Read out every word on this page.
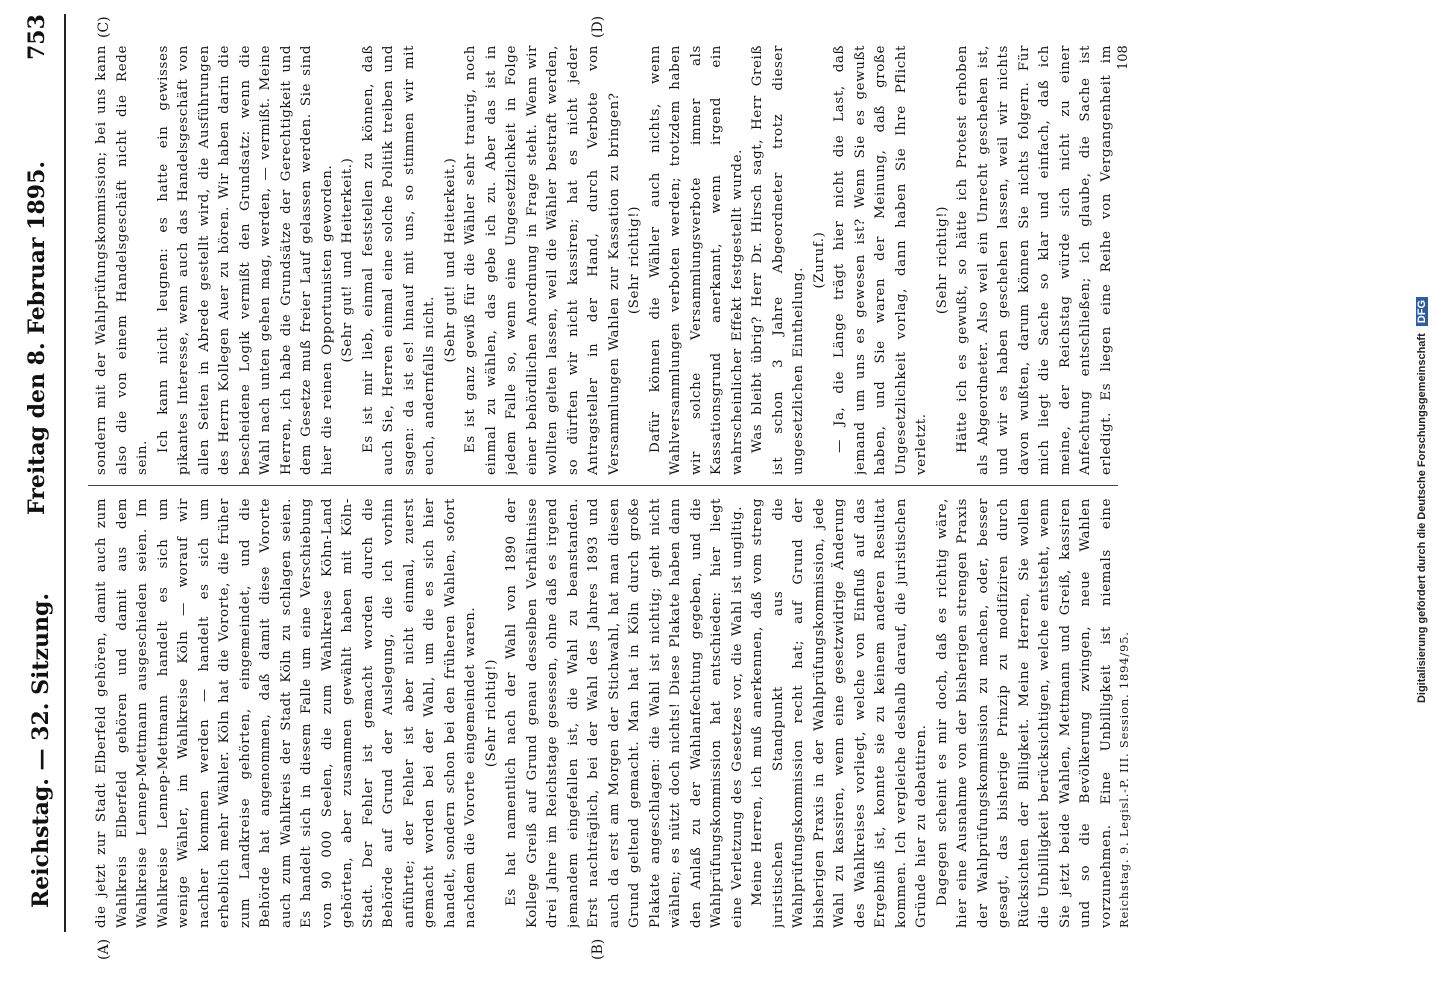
Reichstag. — 32. Sitzung.
Freitag den 8. Februar 1895.
753
(A)	(B)
(C)	(D)

die jetzt zur Stadt Elberfeld gehören, damit auch zum Wahlkreis Elberfeld gehören und damit aus dem Wahlkreise Lennep-Mettmann ausgeschieden seien. Im Wahlkreise Lennep-Mettmann handelt es sich um wenige Wähler, im Wahlkreise Köln — worauf wir nachher kommen werden — handelt es sich um erheblich mehr Wähler. Köln hat die Vororte, die früher zum Landkreise gehörten, eingemeindet, und die Behörde hat angenommen, daß damit diese Vororte auch zum Wahlkreis der Stadt Köln zu schlagen seien. Es handelt sich in diesem Falle um eine Verschiebung von 90 000 Seelen, die zum Wahlkreise Köhn-Land gehörten, aber zusammen gewählt haben mit Köln-Stadt. Der Fehler ist gemacht worden durch die Behörde auf Grund der Auslegung, die ich vorhin anführte; der Fehler ist aber nicht einmal, zuerst gemacht worden bei der Wahl, um die es sich hier handelt, sondern schon bei den früheren Wahlen, sofort nachdem die Vororte eingemeindet waren. (Sehr richtig!) Es hat namentlich nach der Wahl von 1890 der Kollege Greiß auf Grund genau desselben Verhältnisse drei Jahre im Reichstage gesessen, ohne daß es irgend jemandem eingefallen ist, die Wahl zu beanstanden. Erst nachträglich, bei der Wahl des Jahres 1893 und auch da erst am Morgen der Stichwahl, hat man diesen Grund geltend gemacht. Man hat in Köln durch große Plakate angeschlagen: die Wahl ist nichtig; geht nicht wählen; es nützt doch nichts! Diese Plakate haben dann den Anlaß zu der Wahlanfechtung gegeben, und die Wahlprüfungskommission hat entschieden: hier liegt eine Verletzung des Gesetzes vor, die Wahl ist ungiltig. Meine Herren, ich muß anerkennen, daß vom streng juristischen Standpunkt aus die Wahlprüfungskommission recht hat; auf Grund der bisherigen Praxis in der Wahlprüfungskommission, jede Wahl zu kassiren, wenn eine gesetzwidrige Änderung des Wahlkreises vorliegt, welche von Einfluß auf das Ergebniß ist, konnte sie zu keinem anderen Resultat kommen. Ich vergleiche deshalb darauf, die juristischen Gründe hier zu debattiren. Dagegen scheint es mir doch, daß es richtig wäre, hier eine Ausnahme von der bisherigen strengen Praxis der Wahlprüfungskommission zu machen, oder, besser gesagt, das bisherige Prinzip zu modifiziren durch Rücksichten der Billigkeit. Meine Herren, Sie wollen die Unbilligkeit berücksichtigen, welche entsteht, wenn Sie jetzt beide Wahlen, Mettmann und Greiß, kassiren und so die Bevölkerung zwingen, neue Wahlen vorzunehmen. Eine Unbilligkeit ist niemals eine

sondern mit der Wahlprüfungskommission; bei uns kann also die von einem Handelsgeschäft nicht die Rede sein.

Ich kann nicht leugnen: es hatte ein gewisses pikantes Interesse, wenn auch das Handelsgeschäft von allen Seiten in Abrede gestellt wird, die Ausführungen des Herrn Kollegen Auer zu hören. Wir haben darin die bescheidene Logik vermißt den Grundsatz: wenn die Wahl nach unten gehen mag, werden, — vermißt. Meine Herren, ich habe die Grundsätze der Gerechtigkeit und dem Gesetze muß freier Lauf gelassen werden. Sie sind hier die reinen Opportunisten geworden. (Sehr gut! und Heiterkeit.) Es ist mir lieb, einmal feststellen zu können, daß auch Sie, Herren einmal eine solche Politik treiben und sagen: da ist es! hinauf mit uns, so stimmen wir mit euch, andernfalls nicht.

(Sehr gut! und Heiterkeit.) Es ist ganz gewiß für die Wähler sehr traurig, noch einmal zu wählen, das gebe ich zu. Aber das ist in jedem Falle so, wenn eine Ungesetzlichkeit in Folge einer behördlichen Anordnung in Frage steht. Wenn wir wollten gelten lassen, weil die Wähler bestraft werden, so dürften wir nicht kassiren; hat es nicht jeder Antragsteller in der Hand, durch Verbote von Versammlungen Wahlen zur Kassation zu bringen? (Sehr richtig!) Dafür können die Wähler auch nichts, wenn Wahlversammlungen verboten werden; trotzdem haben wir solche Versammlungsverbote immer als Kassationsgrund anerkannt, wenn irgend ein wahrscheinlicher Effekt festgestellt wurde. Was bleibt übrig? Herr Dr. Hirsch sagt, Herr Greiß ist schon 3 Jahre Abgeordneter trotz dieser ungesetzlichen Eintheilung.

(Zuruf.) — Ja, die Länge trägt hier nicht die Last, daß jemand um uns es gewesen ist? Wenn Sie es gewußt haben, und Sie waren der Meinung, daß große Ungesetzlichkeit vorlag, dann haben Sie Ihre Pflicht verletzt.

(Sehr richtig!)

Hätte ich es gewußt, so hätte ich Protest erhoben als Abgeordneter. Also weil ein Unrecht geschehen ist, und wir es haben geschehen lassen, weil wir nichts davon wußten, darum können Sie nichts folgern. Für mich liegt die Sache so klar und einfach, daß ich meine, der Reichstag würde sich nicht zu einer Anfechtung entschließen; ich glaube, die Sache ist erledigt. Es liegen eine Reihe von Vergangenheit im

Reichstag. 9. Legisl.-P. III. Session. 1894/95.
108
Digitalisierung gefördert durch die Deutsche Forschungsgemeinschaft DFG
